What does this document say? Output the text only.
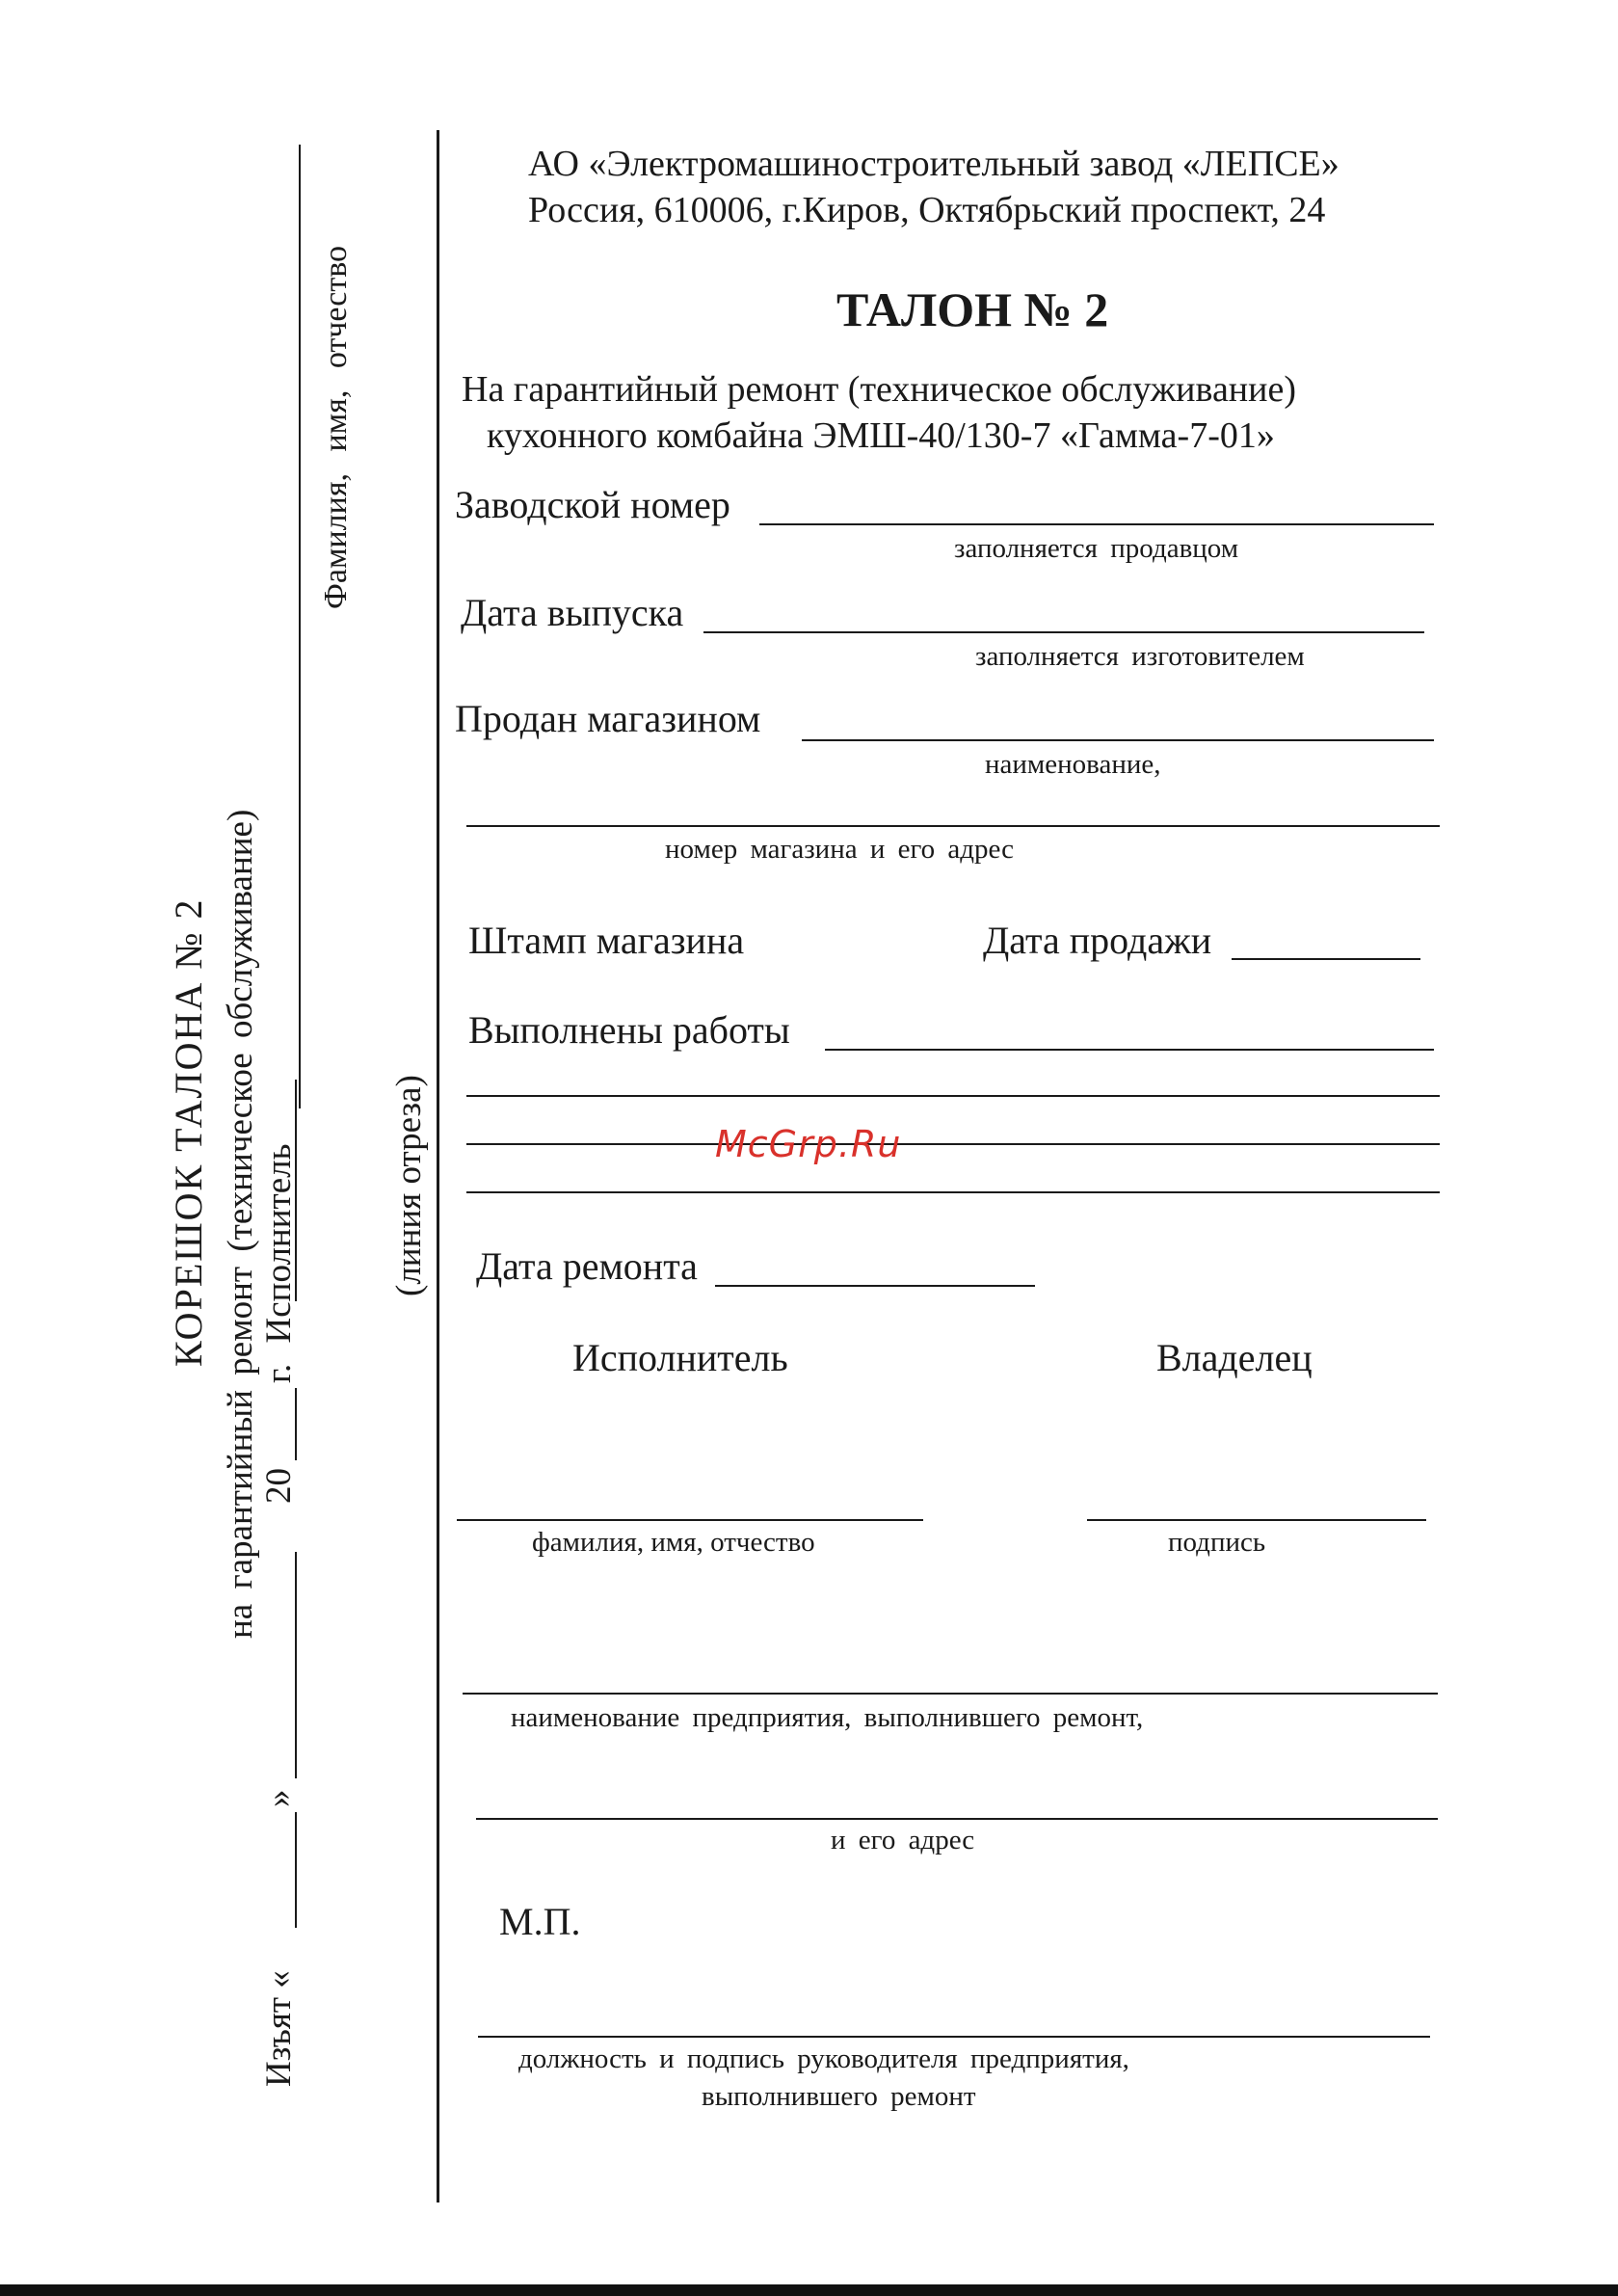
КОРЕШОК ТАЛОНА № 2 на гарантийный ремонт (техническое обслуживание) 20
г. Исполнитель
Изъят «
»
Фамилия, имя, отчество
(линия отреза)
АО «Электромашиностроительный завод «ЛЕПСЕ»
Россия, 610006, г.Киров, Октябрьский проспект, 24
ТАЛОН № 2
На гарантийный ремонт (техническое обслуживание)
кухонного комбайна ЭМШ-40/130-7 «Гамма-7-01»
Заводской номер
заполняется продавцом
Дата выпуска
заполняется изготовителем
Продан магазином
наименование,
номер магазина и его адрес
Штамп магазина	Дата продажи
Выполнены работы
McGrp.Ru
Дата ремонта
Исполнитель	Владелец
фамилия, имя, отчество	подпись
наименование предприятия, выполнившего ремонт,
и его адрес
М.П.
должность и подпись руководителя предприятия,
выполнившего ремонт
